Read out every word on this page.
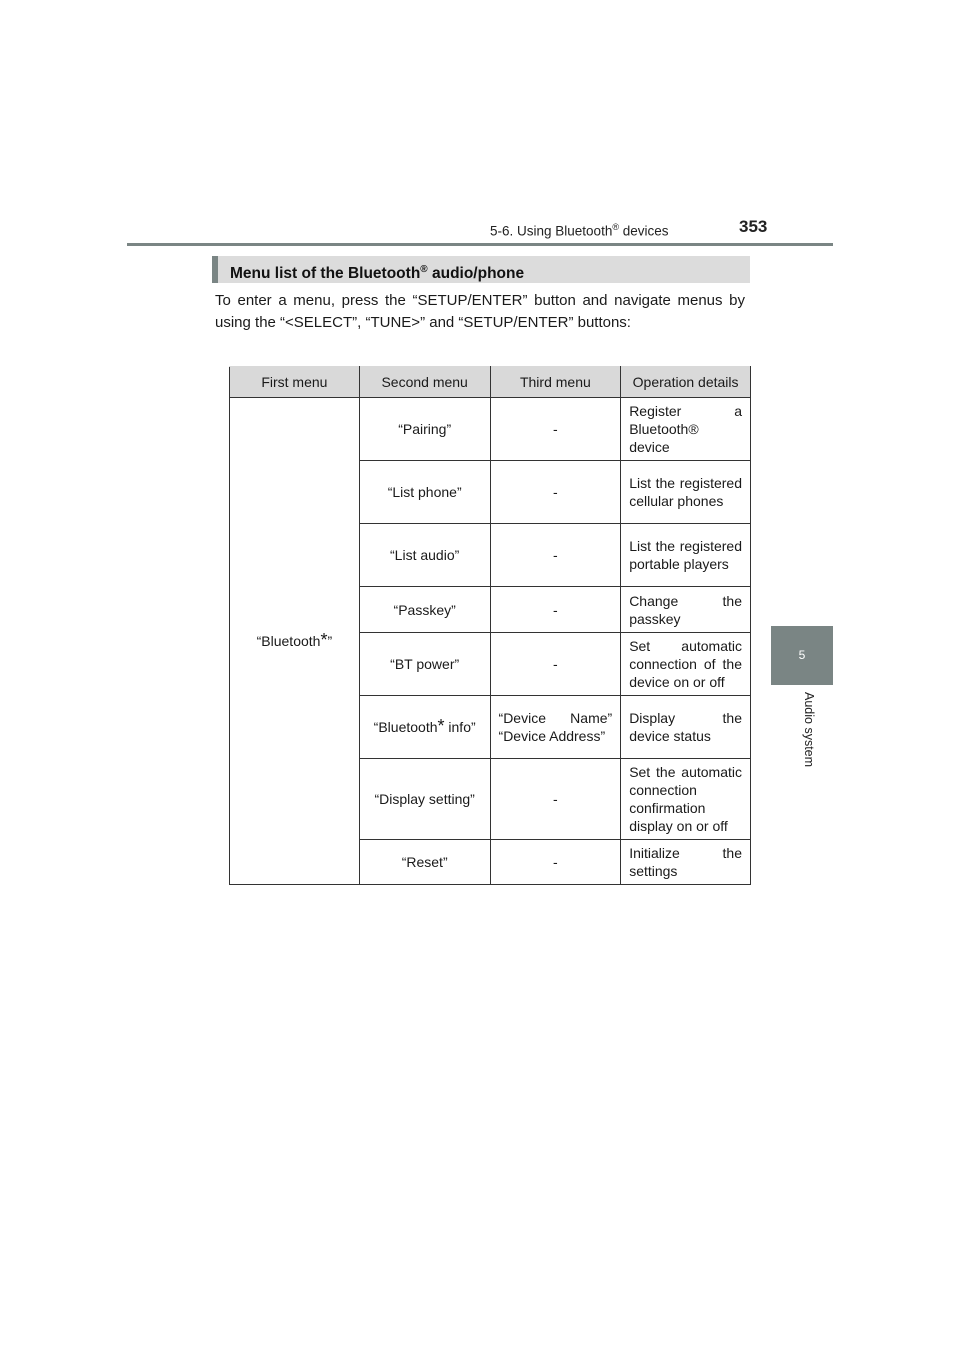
5-6. Using Bluetooth® devices	353
5
Audio system
Menu list of the Bluetooth® audio/phone
To enter a menu, press the “SETUP/ENTER” button and navigate menus by using the “<SELECT”, “TUNE>” and “SETUP/ENTER” buttons:
First menu	Second menu	Third menu	Operation details
“Bluetooth*”	“Pairing”	-	Register a Bluetooth® device
	“List phone”	-	List the registered cellular phones
	“List audio”	-	List the registered portable players
	“Passkey”	-	Change the passkey
	“BT power”	-	Set automatic connection of the device on or off
	“Bluetooth* info”	“Device Name” “Device Address”	Display the device status
	“Display setting”	-	Set the automatic connection confirmation display on or off
	“Reset”	-	Initialize the settings
